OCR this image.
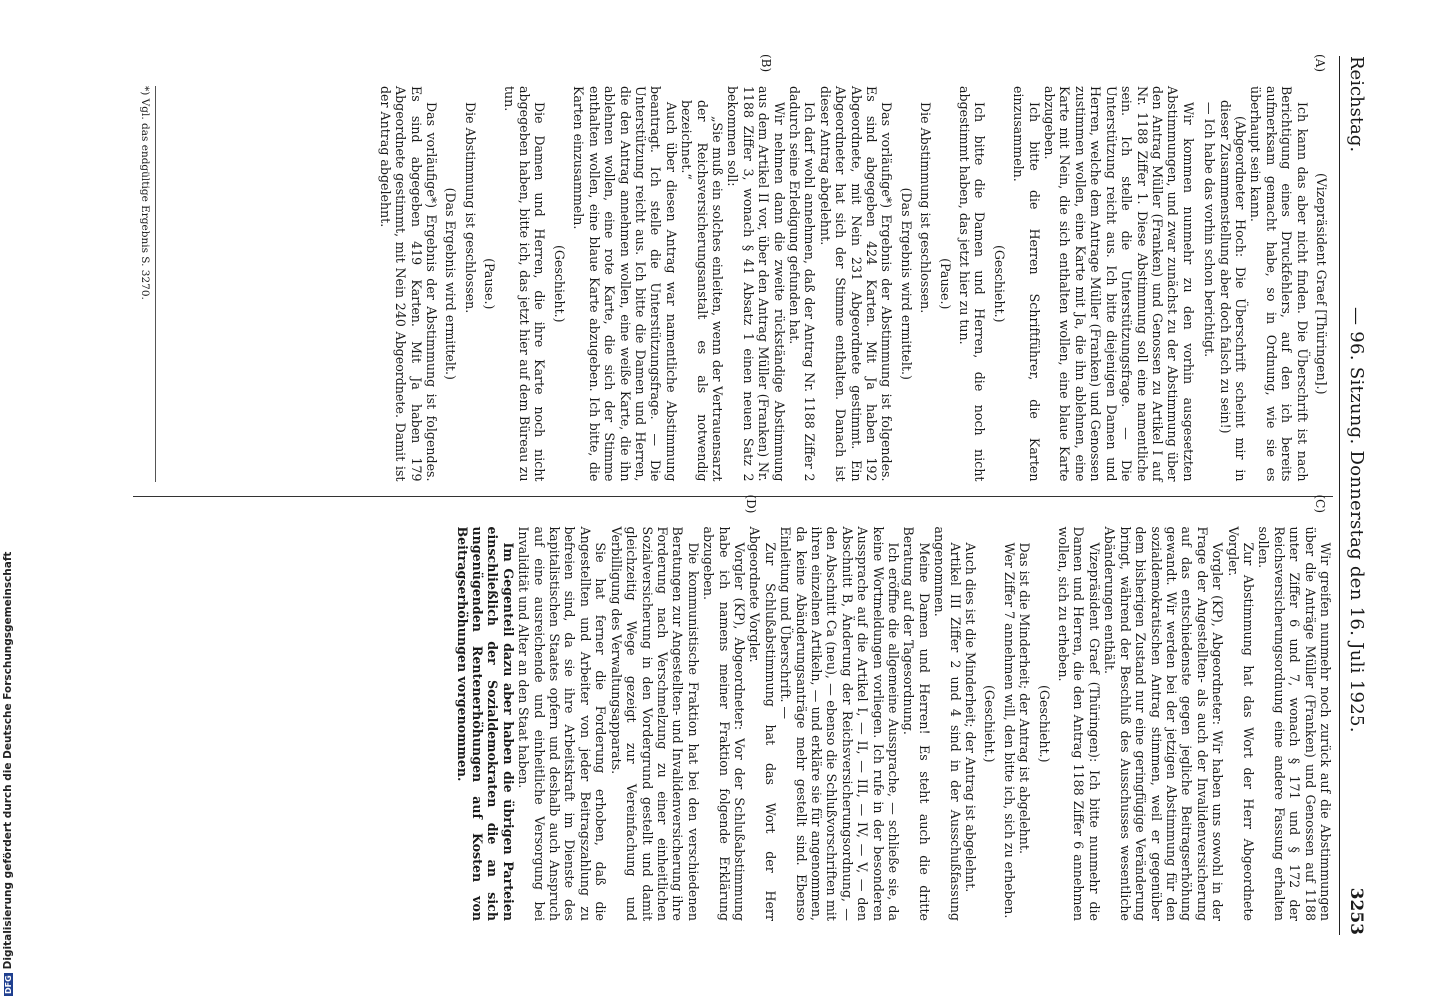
Reichstag.
— 96. Sitzung. Donnerstag den 16. Juli 1925.
3253
(A)
(B)

(Vizepräsident Graef [Thüringen].)

Ich kann das aber nicht finden. Die Überschrift ist nach Berichtigung eines Druckfehlers, auf den ich bereits aufmerksam gemacht habe, so in Ordnung, wie sie es überhaupt sein kann.

(Abgeordneter Hoch: Die Überschrift scheint mir in dieser Zusammenstellung aber doch falsch zu sein!)

— Ich habe das vorhin schon berichtigt.

Wir kommen nunmehr zu den vorhin ausgesetzten Abstimmungen, und zwar zunächst zu der Abstimmung über den Antrag Müller (Franken) und Genossen zu Artikel I auf Nr. 1188 Ziffer 1. Diese Abstimmung soll eine namentliche sein. Ich stelle die Unterstützungsfrage. — Die Unterstützung reicht aus. Ich bitte diejenigen Damen und Herren, welche dem Antrage Müller (Franken) und Genossen zustimmen wollen, eine Karte mit Ja, die ihn ablehnen, eine Karte mit Nein, die sich enthalten wollen, eine blaue Karte abzugeben.

Ich bitte die Herren Schriftführer, die Karten einzusammeln.

(Geschieht.)

Ich bitte die Damen und Herren, die noch nicht abgestimmt haben, das jetzt hier zu tun.

(Pause.)

Die Abstimmung ist geschlossen.

(Das Ergebnis wird ermittelt.)

Das vorläufige*) Ergebnis der Abstimmung ist folgendes. Es sind abgegeben 424 Karten. Mit Ja haben 192 Abgeordnete, mit Nein 231 Abgeordnete gestimmt. Ein Abgeordneter hat sich der Stimme enthalten. Danach ist dieser Antrag abgelehnt.

Ich darf wohl annehmen, daß der Antrag Nr. 1188 Ziffer 2 dadurch seine Erledigung gefunden hat.

Wir nehmen dann die zweite rückständige Abstimmung aus dem Artikel II vor, über den Antrag Müller (Franken) Nr. 1188 Ziffer 3, wonach § 41 Absatz 1 einen neuen Satz 2 bekommen soll:

„Sie muß ein solches einleiten, wenn der Vertrauensarzt der Reichsversicherungsanstalt es als notwendig bezeichnet.“

Auch über diesen Antrag war namentliche Abstimmung beantragt. Ich stelle die Unterstützungsfrage. — Die Unterstützung reicht aus. Ich bitte die Damen und Herren, die den Antrag annehmen wollen, eine weiße Karte, die ihn ablehnen wollen, eine rote Karte, die sich der Stimme enthalten wollen, eine blaue Karte abzugeben. Ich bitte, die Karten einzusammeln.

(Geschieht.)

Die Damen und Herren, die ihre Karte noch nicht abgegeben haben, bitte ich, das jetzt hier auf dem Büreau zu tun.

(Pause.)

Die Abstimmung ist geschlossen.

(Das Ergebnis wird ermittelt.)

Das vorläufige*) Ergebnis der Abstimmung ist folgendes. Es sind abgegeben 419 Karten. Mit Ja haben 179 Abgeordnete gestimmt, mit Nein 240 Abgeordnete. Damit ist der Antrag abgelehnt.

*) Vgl. das endgültige Ergebnis S. 3270.
(C)
(D)

Wir greifen nunmehr noch zurück auf die Abstimmungen über die Anträge Müller (Franken) und Genossen auf 1188 unter Ziffer 6 und 7, wonach § 171 und § 172 der Reichsversicherungsordnung eine andere Fassung erhalten sollen.

Zur Abstimmung hat das Wort der Herr Abgeordnete Vorgler.

Vorgler (KP), Abgeordneter: Wir haben uns sowohl in der Frage der Angestellten- als auch der Invalidenversicherung auf das entschiedenste gegen jegliche Beitragserhöhung gewandt. Wir werden bei der jetzigen Abstimmung für den sozialdemokratischen Antrag stimmen, weil er gegenüber dem bisherigen Zustand nur eine geringfügige Veränderung bringt, während der Beschluß des Ausschusses wesentliche Abänderungen enthält.

Vizepräsident Graef (Thüringen): Ich bitte nunmehr die Damen und Herren, die den Antrag 1188 Ziffer 6 annehmen wollen, sich zu erheben.

(Geschieht.)

Das ist die Minderheit; der Antrag ist abgelehnt.

Wer Ziffer 7 annehmen will, den bitte ich, sich zu erheben.

(Geschieht.)

Auch dies ist die Minderheit; der Antrag ist abgelehnt.

Artikel III Ziffer 2 und 4 sind in der Ausschußfassung angenommen.

Meine Damen und Herren! Es steht auch die dritte Beratung auf der Tagesordnung.

Ich eröffne die allgemeine Aussprache, — schließe sie, da keine Wortmeldungen vorliegen. Ich rufe in der besonderen Aussprache auf die Artikel I, — II, — III, — IV, — V, — den Abschnitt B, Änderung der Reichsversicherungsordnung, — den Abschnitt Ca (neu), — ebenso die Schlußvorschriften mit ihren einzelnen Artikeln, — und erkläre sie für angenommen, da keine Abänderungsanträge mehr gestellt sind. Ebenso Einleitung und Überschrift. —

Zur Schlußabstimmung hat das Wort der Herr Abgeordnete Vorgler.

Vorgler (KP), Abgeordneter: Vor der Schlußabstimmung habe ich namens meiner Fraktion folgende Erklärung abzugeben.

Die kommunistische Fraktion hat bei den verschiedenen Beratungen zur Angestellten- und Invalidenversicherung ihre Forderung nach Verschmelzung zu einer einheitlichen Sozialversicherung in den Vordergrund gestellt und damit gleichzeitig Wege gezeigt zur Vereinfachung und Verbilligung des Verwaltungsapparats.

Sie hat ferner die Forderung erhoben, daß die Angestellten und Arbeiter von jeder Beitragszahlung zu befreien sind, da sie ihre Arbeitskraft im Dienste des kapitalistischen Staates opfern und deshalb auch Anspruch auf eine ausreichende und einheitliche Versorgung bei Invalidität und Alter an den Staat haben.

Im Gegenteil dazu aber haben die übrigen Parteien einschließlich der Sozialdemokraten die an sich ungenügenden Rentenerhöhungen auf Kosten von Beitragserhöhungen vorgenommen.

DFGDigitalisierung gefördert durch die Deutsche Forschungsgemeinschaft
